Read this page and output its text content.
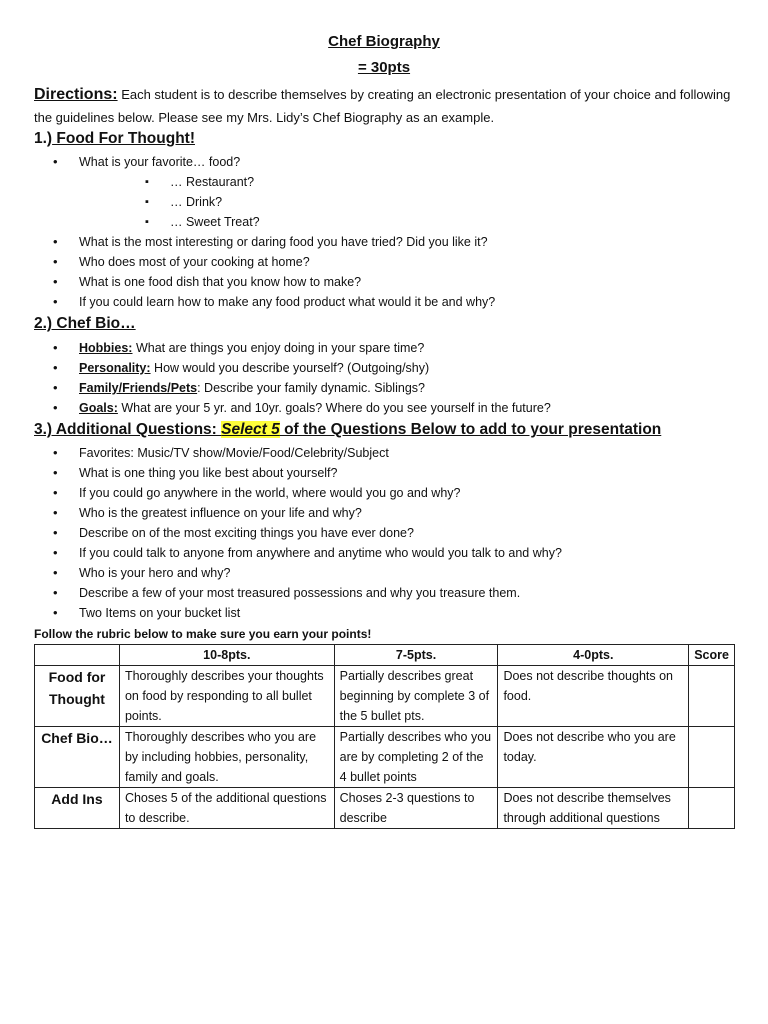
Chef Biography
= 30pts
Directions: Each student is to describe themselves by creating an electronic presentation of your choice and following the guidelines below. Please see my Mrs. Lidy’s Chef Biography as an example.
1.) Food For Thought!
• What is your favorite… food?
▪ … Restaurant?
▪ … Drink?
▪ … Sweet Treat?
• What is the most interesting or daring food you have tried? Did you like it?
• Who does most of your cooking at home?
• What is one food dish that you know how to make?
• If you could learn how to make any food product what would it be and why?
2.) Chef Bio…
• Hobbies: What are things you enjoy doing in your spare time?
• Personality: How would you describe yourself? (Outgoing/shy)
• Family/Friends/Pets: Describe your family dynamic. Siblings?
• Goals: What are your 5 yr. and 10yr. goals? Where do you see yourself in the future?
3.) Additional Questions: Select 5 of the Questions Below to add to your presentation
• Favorites: Music/TV show/Movie/Food/Celebrity/Subject
• What is one thing you like best about yourself?
• If you could go anywhere in the world, where would you go and why?
• Who is the greatest influence on your life and why?
• Describe on of the most exciting things you have ever done?
• If you could talk to anyone from anywhere and anytime who would you talk to and why?
• Who is your hero and why?
• Describe a few of your most treasured possessions and why you treasure them.
• Two Items on your bucket list
Follow the rubric below to make sure you earn your points!
	10-8pts.	7-5pts.	4-0pts.	Score
Food for Thought	Thoroughly describes your thoughts on food by responding to all bullet points.	Partially describes great beginning by complete 3 of the 5 bullet pts.	Does not describe thoughts on food.	
Chef Bio…	Thoroughly describes who you are by including hobbies, personality, family and goals.	Partially describes who you are by completing 2 of the 4 bullet points	Does not describe who you are today.	
Add Ins	Choses 5 of the additional questions to describe.	Choses 2-3 questions to describe	Does not describe themselves through additional questions	
